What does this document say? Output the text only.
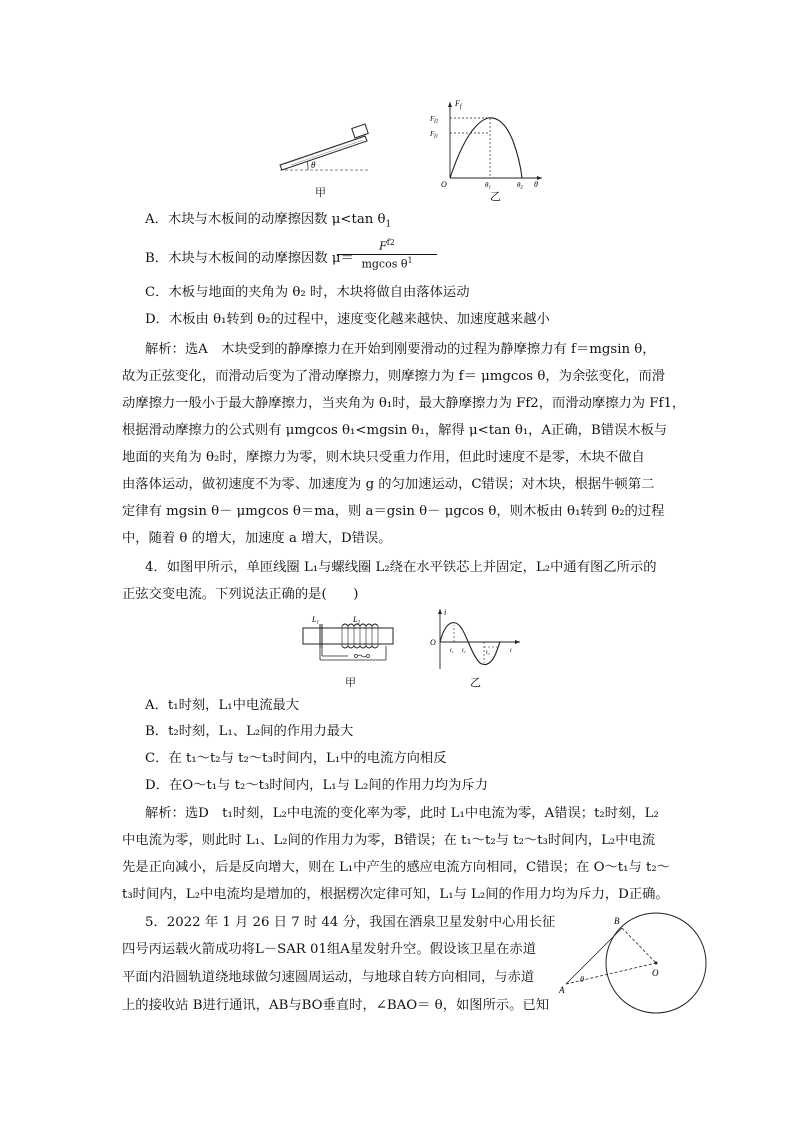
θ
甲
$F_f$
$F_{f2}$
$F_{f1}$
O	$\theta_1$	$\theta_2$ θ
乙
A．木块与木板间的动摩擦因数 μ<tan $\theta_1$
B．木块与木板间的动摩擦因数 μ＝
$F^{f2}$
mgcos $\theta^1$
C．木板与地面的夹角为 θ₂ 时，木块将做自由落体运动
D．木板由 θ₁转到 θ₂的过程中，速度变化越来越快、加速度越来越小
解析：选A　木块受到的静摩擦力在开始到刚要滑动的过程为静摩擦力有 f＝mgsin θ，
故为正弦变化，而滑动后变为了滑动摩擦力，则摩擦力为 f＝ μmgcos θ，为余弦变化，而滑
动摩擦力一般小于最大静摩擦力，当夹角为 θ₁时，最大静摩擦力为 Ff2，而滑动摩擦力为 Ff1，
根据滑动摩擦力的公式则有 μmgcos θ₁<mgsin θ₁，解得 μ<tan θ₁，A正确，B错误木板与
地面的夹角为 θ₂时，摩擦力为零，则木块只受重力作用，但此时速度不是零，木块不做自
由落体运动，做初速度不为零、加速度为 g 的匀加速运动，C错误；对木块，根据牛顿第二
定律有 mgsin θ－ μmgcos θ＝ma，则 a＝gsin θ－ μgcos θ，则木板由 θ₁转到 θ₂的过程
中，随着 θ 的增大，加速度 a 增大，D错误。
4．如图甲所示，单匝线圈 L₁与螺线圈 L₂绕在水平铁芯上并固定，L₂中通有图乙所示的
正弦交变电流。下列说法正确的是(　　)
L1	L2
甲
i
O
t₁ t₂	t₃	t
乙
A．t₁时刻，L₁中电流最大
B．t₂时刻，L₁、L₂间的作用力最大
C．在 t₁～t₂与 t₂～t₃时间内，L₁中的电流方向相反
D．在O～t₁与 t₂～t₃时间内，L₁与 L₂间的作用力均为斥力
解析：选D　t₁时刻，L₂中电流的变化率为零，此时 L₁中电流为零，A错误；t₂时刻，L₂
中电流为零，则此时 L₁、L₂间的作用力为零，B错误；在 t₁～t₂与 t₂～t₃时间内，L₂中电流
先是正向减小，后是反向增大，则在 L₁中产生的感应电流方向相同，C错误；在 O～t₁与 t₂～
t₃时间内，L₂中电流均是增加的，根据楞次定律可知，L₁与 L₂间的作用力均为斥力，D正确。
5．2022 年 1 月 26 日 7 时 44 分，我国在酒泉卫星发射中心用长征
四号丙运载火箭成功将L－SAR 01组A星发射升空。假设该卫星在赤道
平面内沿圆轨道绕地球做匀速圆周运动，与地球自转方向相同，与赤道
上的接收站 B进行通讯，AB与BO垂直时，∠BAO＝ θ，如图所示。已知
B
A
O
θ
